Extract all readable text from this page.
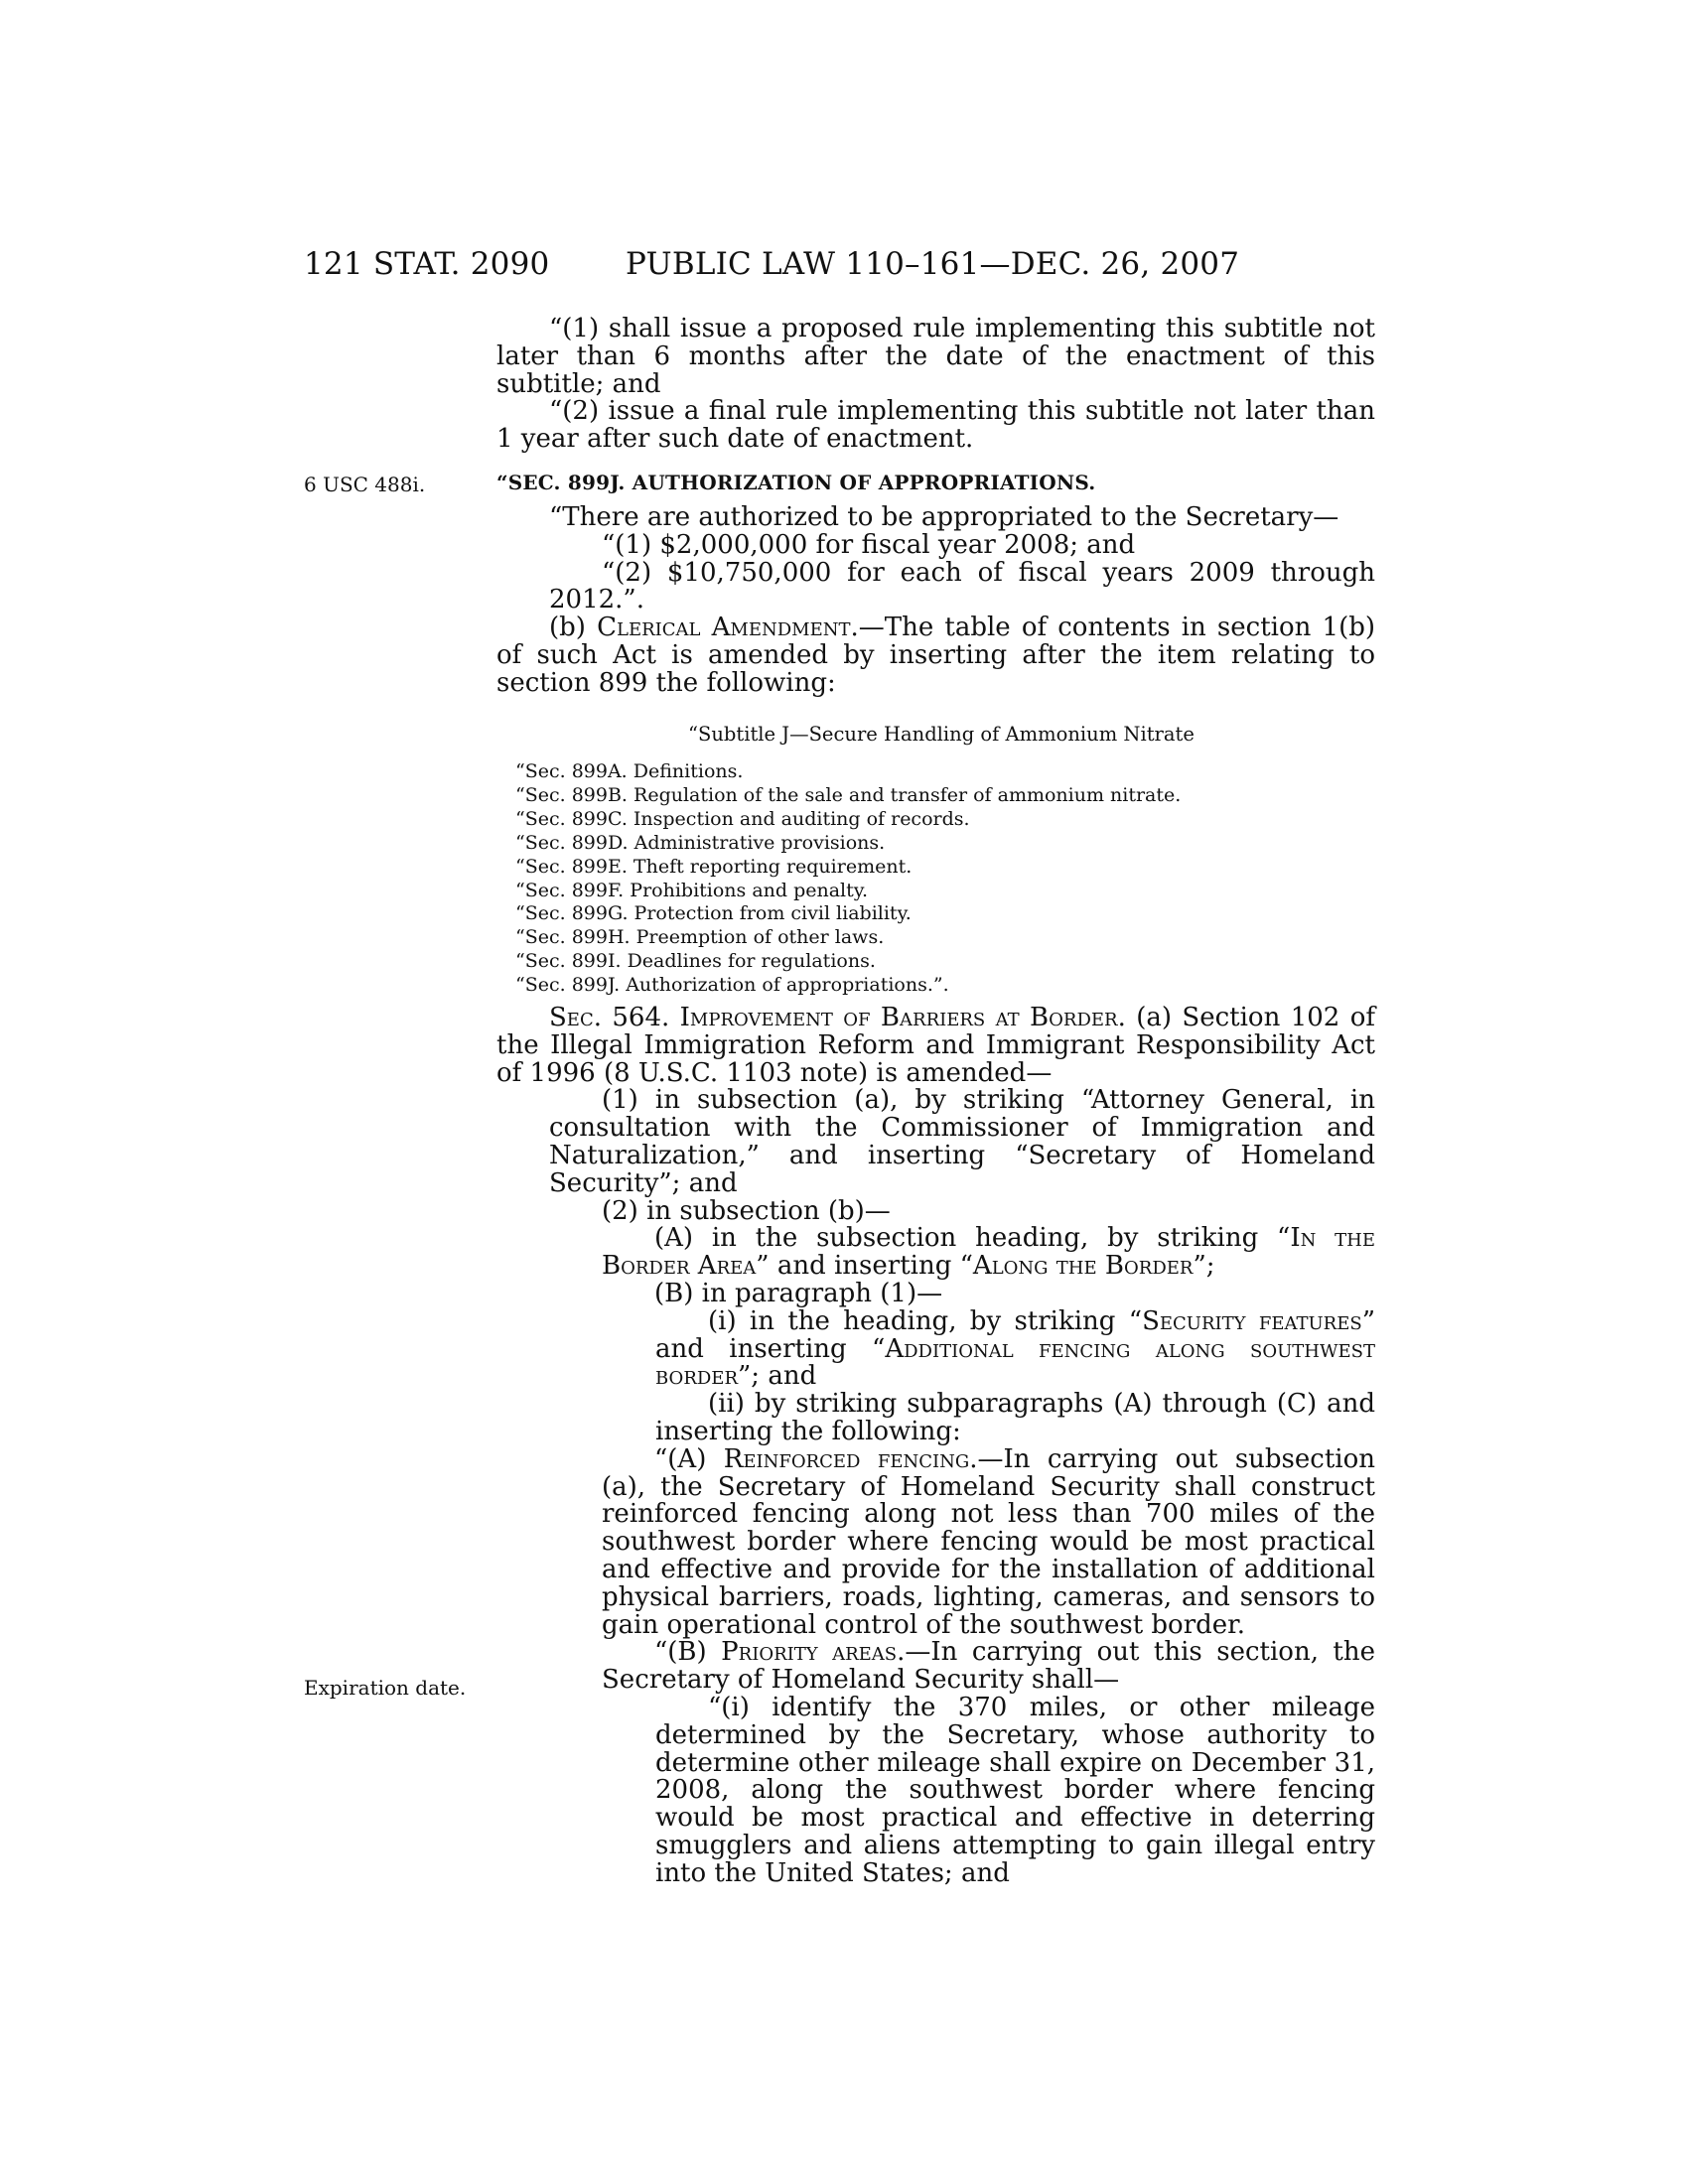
121 STAT. 2090 PUBLIC LAW 110–161—DEC. 26, 2007

“(1) shall issue a proposed rule implementing this subtitle not later than 6 months after the date of the enactment of this subtitle; and

“(2) issue a final rule implementing this subtitle not later than 1 year after such date of enactment.

6 USC 488i.	“SEC. 899J. AUTHORIZATION OF APPROPRIATIONS.

“There are authorized to be appropriated to the Secretary—

“(1) $2,000,000 for fiscal year 2008; and

“(2) $10,750,000 for each of fiscal years 2009 through 2012.”.

(b) Clerical Amendment.—The table of contents in section 1(b) of such Act is amended by inserting after the item relating to section 899 the following:

“Subtitle J—Secure Handling of Ammonium Nitrate
“Sec. 899A. Definitions.
“Sec. 899B. Regulation of the sale and transfer of ammonium nitrate.
“Sec. 899C. Inspection and auditing of records.
“Sec. 899D. Administrative provisions.
“Sec. 899E. Theft reporting requirement.
“Sec. 899F. Prohibitions and penalty.
“Sec. 899G. Protection from civil liability.
“Sec. 899H. Preemption of other laws.
“Sec. 899I. Deadlines for regulations.
“Sec. 899J. Authorization of appropriations.”.

Sec. 564. Improvement of Barriers at Border. (a) Section 102 of the Illegal Immigration Reform and Immigrant Responsibility Act of 1996 (8 U.S.C. 1103 note) is amended—

(1) in subsection (a), by striking “Attorney General, in consultation with the Commissioner of Immigration and Naturalization,” and inserting “Secretary of Homeland Security”; and

(2) in subsection (b)—

(A) in the subsection heading, by striking “In the Border Area” and inserting “Along the Border”;

(B) in paragraph (1)—

(i) in the heading, by striking “Security features” and inserting “Additional fencing along southwest border”; and

(ii) by striking subparagraphs (A) through (C) and inserting the following:

“(A) Reinforced fencing.—In carrying out subsection (a), the Secretary of Homeland Security shall construct reinforced fencing along not less than 700 miles of the southwest border where fencing would be most practical and effective and provide for the installation of additional physical barriers, roads, lighting, cameras, and sensors to gain operational control of the southwest border.

“(B) Priority areas.—In carrying out this section, the Secretary of Homeland Security shall—

“(i) identify the 370 miles, or other mileage determined by the Secretary, whose authority to determine other mileage shall expire on December 31, 2008, along the southwest border where fencing would be most practical and effective in deterring smugglers and aliens attempting to gain illegal entry into the United States; and

Expiration date.
